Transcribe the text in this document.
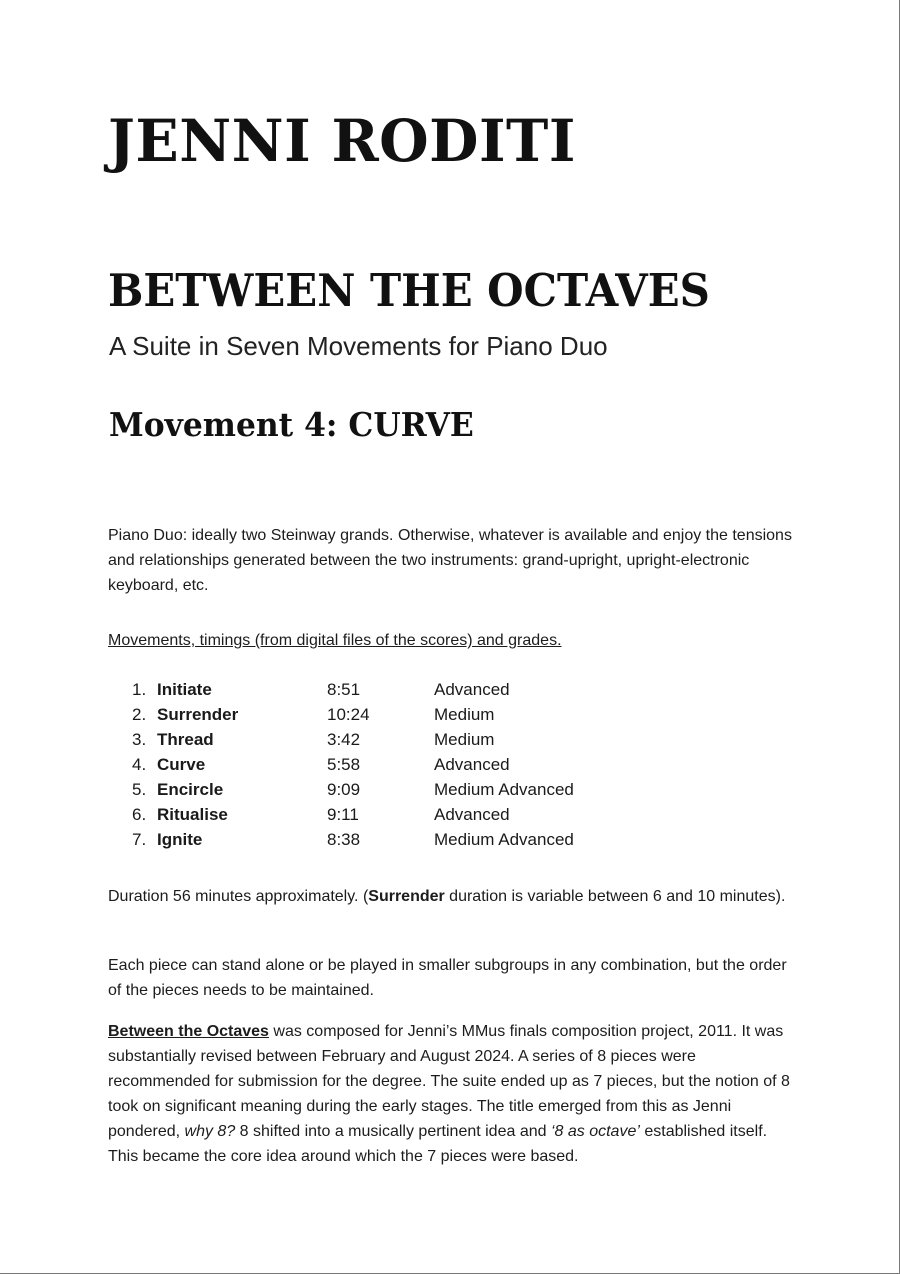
JENNI RODITI
BETWEEN THE OCTAVES

A Suite in Seven Movements for Piano Duo

Movement 4: CURVE

Piano Duo: ideally two Steinway grands. Otherwise, whatever is available and enjoy the tensions and relationships generated between the two instruments: grand-upright, upright-electronic keyboard, etc.

Movements, timings (from digital files of the scores) and grades.

1. Initiate	8:51	Advanced
2. Surrender	10:24	Medium
3. Thread	3:42	Medium
4. Curve	5:58	Advanced
5. Encircle	9:09	Medium Advanced
6. Ritualise	9:11	Advanced
7. Ignite	8:38	Medium Advanced

Duration 56 minutes approximately. (Surrender duration is variable between 6 and 10 minutes).

Each piece can stand alone or be played in smaller subgroups in any combination, but the order of the pieces needs to be maintained.

Between the Octaves was composed for Jenni’s MMus finals composition project, 2011. It was substantially revised between February and August 2024. A series of 8 pieces were recommended for submission for the degree. The suite ended up as 7 pieces, but the notion of 8 took on significant meaning during the early stages. The title emerged from this as Jenni pondered, why 8? 8 shifted into a musically pertinent idea and ‘8 as octave’ established itself. This became the core idea around which the 7 pieces were based.
